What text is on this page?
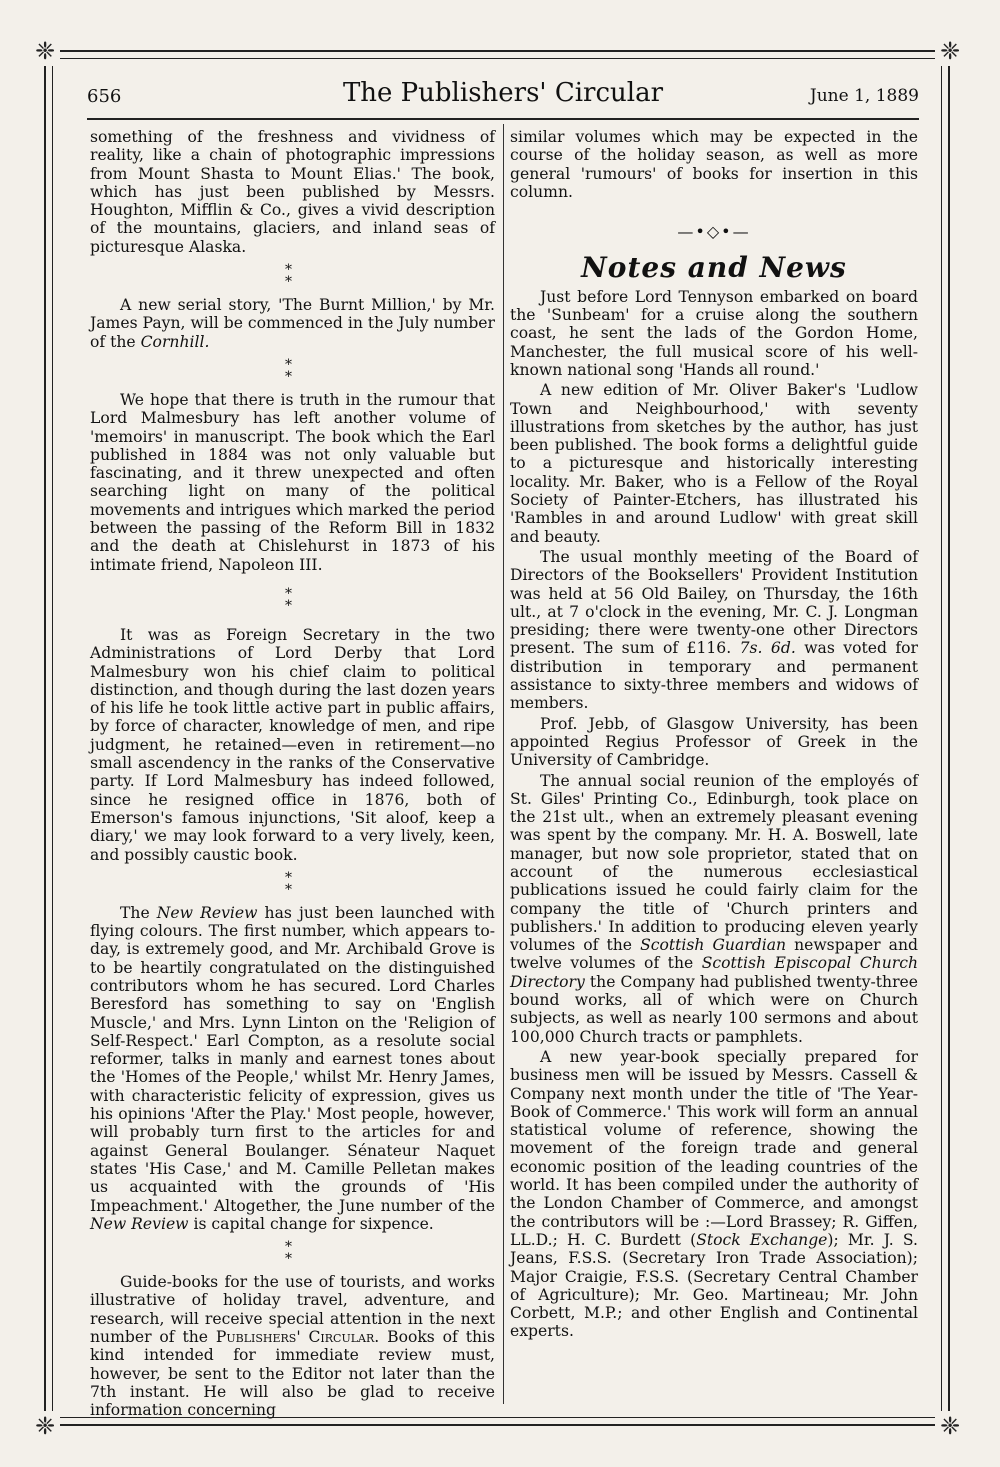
❈	❈
❈	❈
656	The Publishers' Circular	June 1, 1889

something of the freshness and vividness of reality, like a chain of photographic impressions from Mount Shasta to Mount Elias.' The book, which has just been published by Messrs. Houghton, Mifflin & Co., gives a vivid description of the mountains, glaciers, and inland seas of picturesque Alaska.

*
*

A new serial story, 'The Burnt Million,' by Mr. James Payn, will be commenced in the July number of the Cornhill.

*
*

We hope that there is truth in the rumour that Lord Malmesbury has left another volume of 'memoirs' in manuscript. The book which the Earl published in 1884 was not only valuable but fascinating, and it threw unexpected and often searching light on many of the political movements and intrigues which marked the period between the passing of the Reform Bill in 1832 and the death at Chislehurst in 1873 of his intimate friend, Napoleon III.

*
*

It was as Foreign Secretary in the two Administrations of Lord Derby that Lord Malmesbury won his chief claim to political distinction, and though during the last dozen years of his life he took little active part in public affairs, by force of character, knowledge of men, and ripe judgment, he retained—even in retirement—no small ascendency in the ranks of the Conservative party. If Lord Malmesbury has indeed followed, since he resigned office in 1876, both of Emerson's famous injunctions, 'Sit aloof, keep a diary,' we may look forward to a very lively, keen, and possibly caustic book.

*
*

The New Review has just been launched with flying colours. The first number, which appears to-day, is extremely good, and Mr. Archibald Grove is to be heartily congratulated on the distinguished contributors whom he has secured. Lord Charles Beresford has something to say on 'English Muscle,' and Mrs. Lynn Linton on the 'Religion of Self-Respect.' Earl Compton, as a resolute social reformer, talks in manly and earnest tones about the 'Homes of the People,' whilst Mr. Henry James, with characteristic felicity of expression, gives us his opinions 'After the Play.' Most people, however, will probably turn first to the articles for and against General Boulanger. Sénateur Naquet states 'His Case,' and M. Camille Pelletan makes us acquainted with the grounds of 'His Impeachment.' Altogether, the June number of the New Review is capital change for sixpence.

*
*

Guide-books for the use of tourists, and works illustrative of holiday travel, adventure, and research, will receive special attention in the next number of the Publishers' Circular. Books of this kind intended for immediate review must, however, be sent to the Editor not later than the 7th instant. He will also be glad to receive information concerning

similar volumes which may be expected in the course of the holiday season, as well as more general 'rumours' of books for insertion in this column.

—•◇•—
Notes and News

Just before Lord Tennyson embarked on board the 'Sunbeam' for a cruise along the southern coast, he sent the lads of the Gordon Home, Manchester, the full musical score of his well-known national song 'Hands all round.'

A new edition of Mr. Oliver Baker's 'Ludlow Town and Neighbourhood,' with seventy illustrations from sketches by the author, has just been published. The book forms a delightful guide to a picturesque and historically interesting locality. Mr. Baker, who is a Fellow of the Royal Society of Painter-Etchers, has illustrated his 'Rambles in and around Ludlow' with great skill and beauty.

The usual monthly meeting of the Board of Directors of the Booksellers' Provident Institution was held at 56 Old Bailey, on Thursday, the 16th ult., at 7 o'clock in the evening, Mr. C. J. Longman presiding; there were twenty-one other Directors present. The sum of £116. 7s. 6d. was voted for distribution in temporary and permanent assistance to sixty-three members and widows of members.

Prof. Jebb, of Glasgow University, has been appointed Regius Professor of Greek in the University of Cambridge.

The annual social reunion of the employés of St. Giles' Printing Co., Edinburgh, took place on the 21st ult., when an extremely pleasant evening was spent by the company. Mr. H. A. Boswell, late manager, but now sole proprietor, stated that on account of the numerous ecclesiastical publications issued he could fairly claim for the company the title of 'Church printers and publishers.' In addition to producing eleven yearly volumes of the Scottish Guardian newspaper and twelve volumes of the Scottish Episcopal Church Directory the Company had published twenty-three bound works, all of which were on Church subjects, as well as nearly 100 sermons and about 100,000 Church tracts or pamphlets.

A new year-book specially prepared for business men will be issued by Messrs. Cassell & Company next month under the title of 'The Year-Book of Commerce.' This work will form an annual statistical volume of reference, showing the movement of the foreign trade and general economic position of the leading countries of the world. It has been compiled under the authority of the London Chamber of Commerce, and amongst the contributors will be :—Lord Brassey; R. Giffen, LL.D.; H. C. Burdett (Stock Exchange); Mr. J. S. Jeans, F.S.S. (Secretary Iron Trade Association); Major Craigie, F.S.S. (Secretary Central Chamber of Agriculture); Mr. Geo. Martineau; Mr. John Corbett, M.P.; and other English and Continental experts.
